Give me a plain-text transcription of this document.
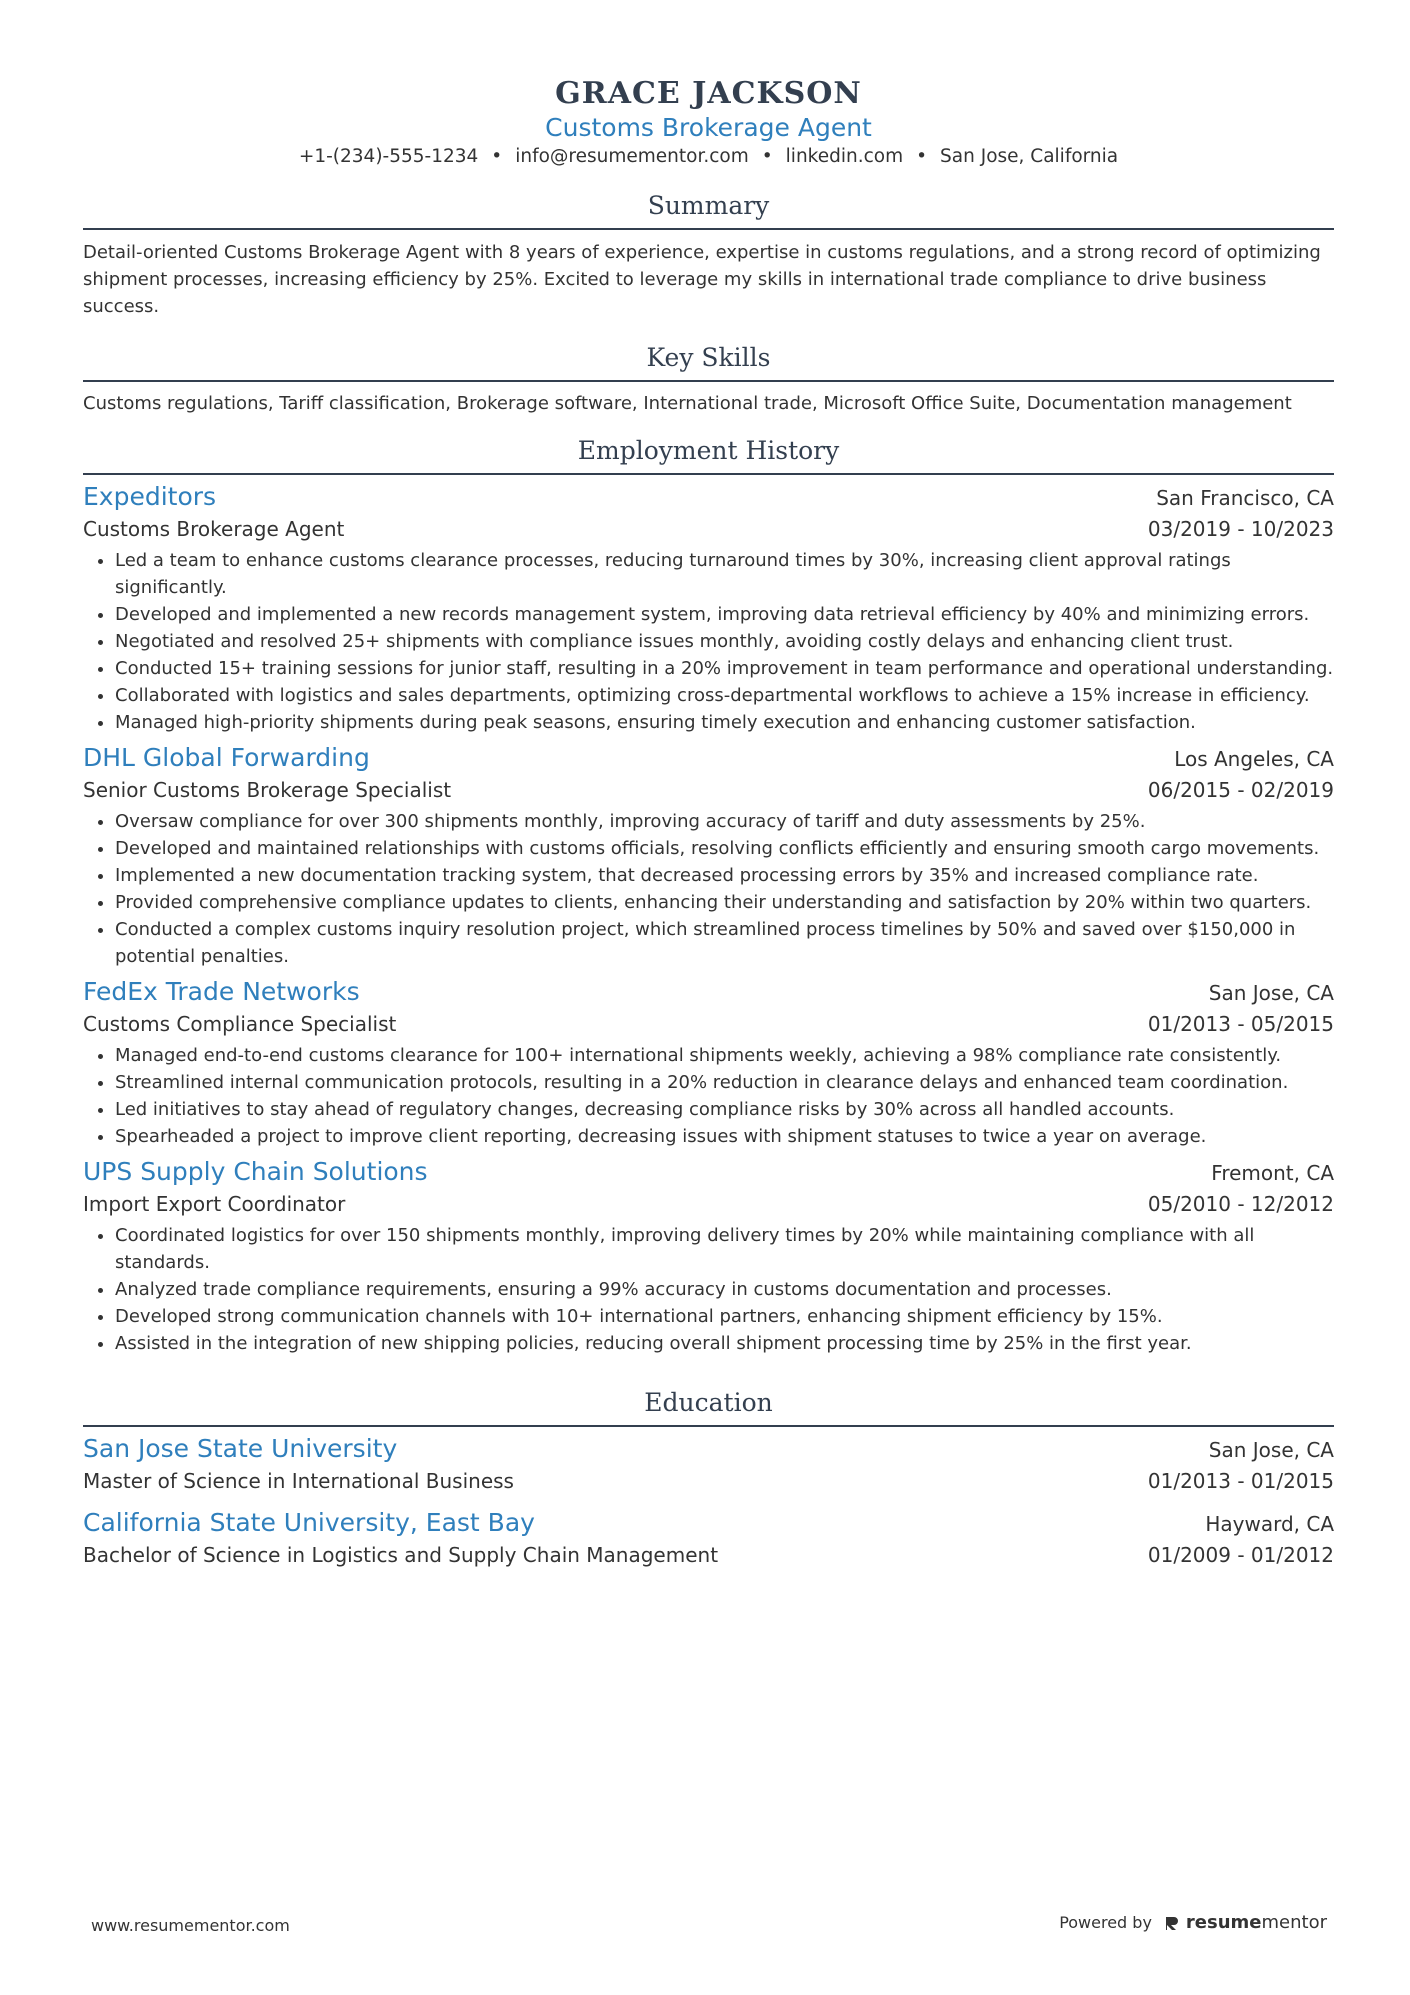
GRACE JACKSON
Customs Brokerage Agent
+1-(234)-555-1234 • info@resumementor.com • linkedin.com • San Jose, California
Summary
Detail-oriented Customs Brokerage Agent with 8 years of experience, expertise in customs regulations, and a strong record of optimizing shipment processes, increasing efficiency by 25%. Excited to leverage my skills in international trade compliance to drive business success.
Key Skills
Customs regulations, Tariff classification, Brokerage software, International trade, Microsoft Office Suite, Documentation management
Employment History
Expeditors	San Francisco, CA
Customs Brokerage Agent	03/2019 - 10/2023
• Led a team to enhance customs clearance processes, reducing turnaround times by 30%, increasing client approval ratings significantly.
• Developed and implemented a new records management system, improving data retrieval efficiency by 40% and minimizing errors.
• Negotiated and resolved 25+ shipments with compliance issues monthly, avoiding costly delays and enhancing client trust.
• Conducted 15+ training sessions for junior staff, resulting in a 20% improvement in team performance and operational understanding.
• Collaborated with logistics and sales departments, optimizing cross-departmental workflows to achieve a 15% increase in efficiency.
• Managed high-priority shipments during peak seasons, ensuring timely execution and enhancing customer satisfaction.
DHL Global Forwarding	Los Angeles, CA
Senior Customs Brokerage Specialist	06/2015 - 02/2019
• Oversaw compliance for over 300 shipments monthly, improving accuracy of tariff and duty assessments by 25%.
• Developed and maintained relationships with customs officials, resolving conflicts efficiently and ensuring smooth cargo movements.
• Implemented a new documentation tracking system, that decreased processing errors by 35% and increased compliance rate.
• Provided comprehensive compliance updates to clients, enhancing their understanding and satisfaction by 20% within two quarters.
• Conducted a complex customs inquiry resolution project, which streamlined process timelines by 50% and saved over $150,000 in potential penalties.
FedEx Trade Networks	San Jose, CA
Customs Compliance Specialist	01/2013 - 05/2015
• Managed end-to-end customs clearance for 100+ international shipments weekly, achieving a 98% compliance rate consistently.
• Streamlined internal communication protocols, resulting in a 20% reduction in clearance delays and enhanced team coordination.
• Led initiatives to stay ahead of regulatory changes, decreasing compliance risks by 30% across all handled accounts.
• Spearheaded a project to improve client reporting, decreasing issues with shipment statuses to twice a year on average.
UPS Supply Chain Solutions	Fremont, CA
Import Export Coordinator	05/2010 - 12/2012
• Coordinated logistics for over 150 shipments monthly, improving delivery times by 20% while maintaining compliance with all standards.
• Analyzed trade compliance requirements, ensuring a 99% accuracy in customs documentation and processes.
• Developed strong communication channels with 10+ international partners, enhancing shipment efficiency by 15%.
• Assisted in the integration of new shipping policies, reducing overall shipment processing time by 25% in the first year.
Education
San Jose State University	San Jose, CA
Master of Science in International Business	01/2013 - 01/2015
California State University, East Bay	Hayward, CA
Bachelor of Science in Logistics and Supply Chain Management	01/2009 - 01/2012
www.resumementor.com	Powered by resumementor
